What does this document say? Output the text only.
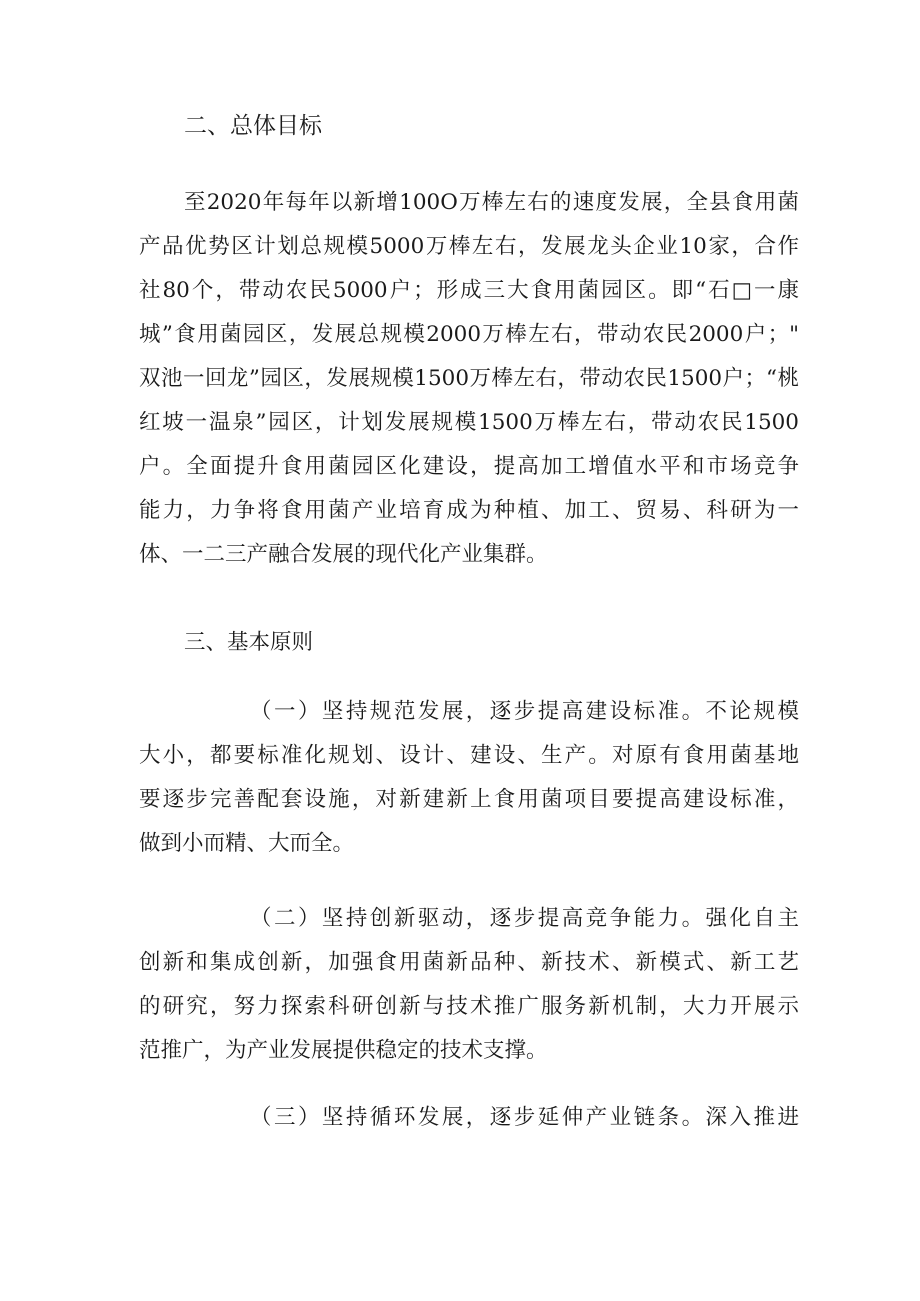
二、总体目标
至2020年每年以新增100O万棒左右的速度发展，全县食用菌
产品优势区计划总规模5000万棒左右，发展龙头企业10家，合作
社80个，带动农民5000户；形成三大食用菌园区。即“石□一康
城”食用菌园区，发展总规模2000万棒左右，带动农民2000户；"
双池一回龙”园区，发展规模1500万棒左右，带动农民1500户；“桃
红坡一温泉”园区，计划发展规模1500万棒左右，带动农民1500
户。全面提升食用菌园区化建设，提高加工增值水平和市场竞争
能力，力争将食用菌产业培育成为种植、加工、贸易、科研为一
体、一二三产融合发展的现代化产业集群。
三、基本原则
（一）坚持规范发展，逐步提高建设标准。不论规模
大小，都要标准化规划、设计、建设、生产。对原有食用菌基地
要逐步完善配套设施，对新建新上食用菌项目要提高建设标准，
做到小而精、大而全。
（二）坚持创新驱动，逐步提高竞争能力。强化自主
创新和集成创新，加强食用菌新品种、新技术、新模式、新工艺
的研究，努力探索科研创新与技术推广服务新机制，大力开展示
范推广，为产业发展提供稳定的技术支撑。
（三）坚持循环发展，逐步延伸产业链条。深入推进
